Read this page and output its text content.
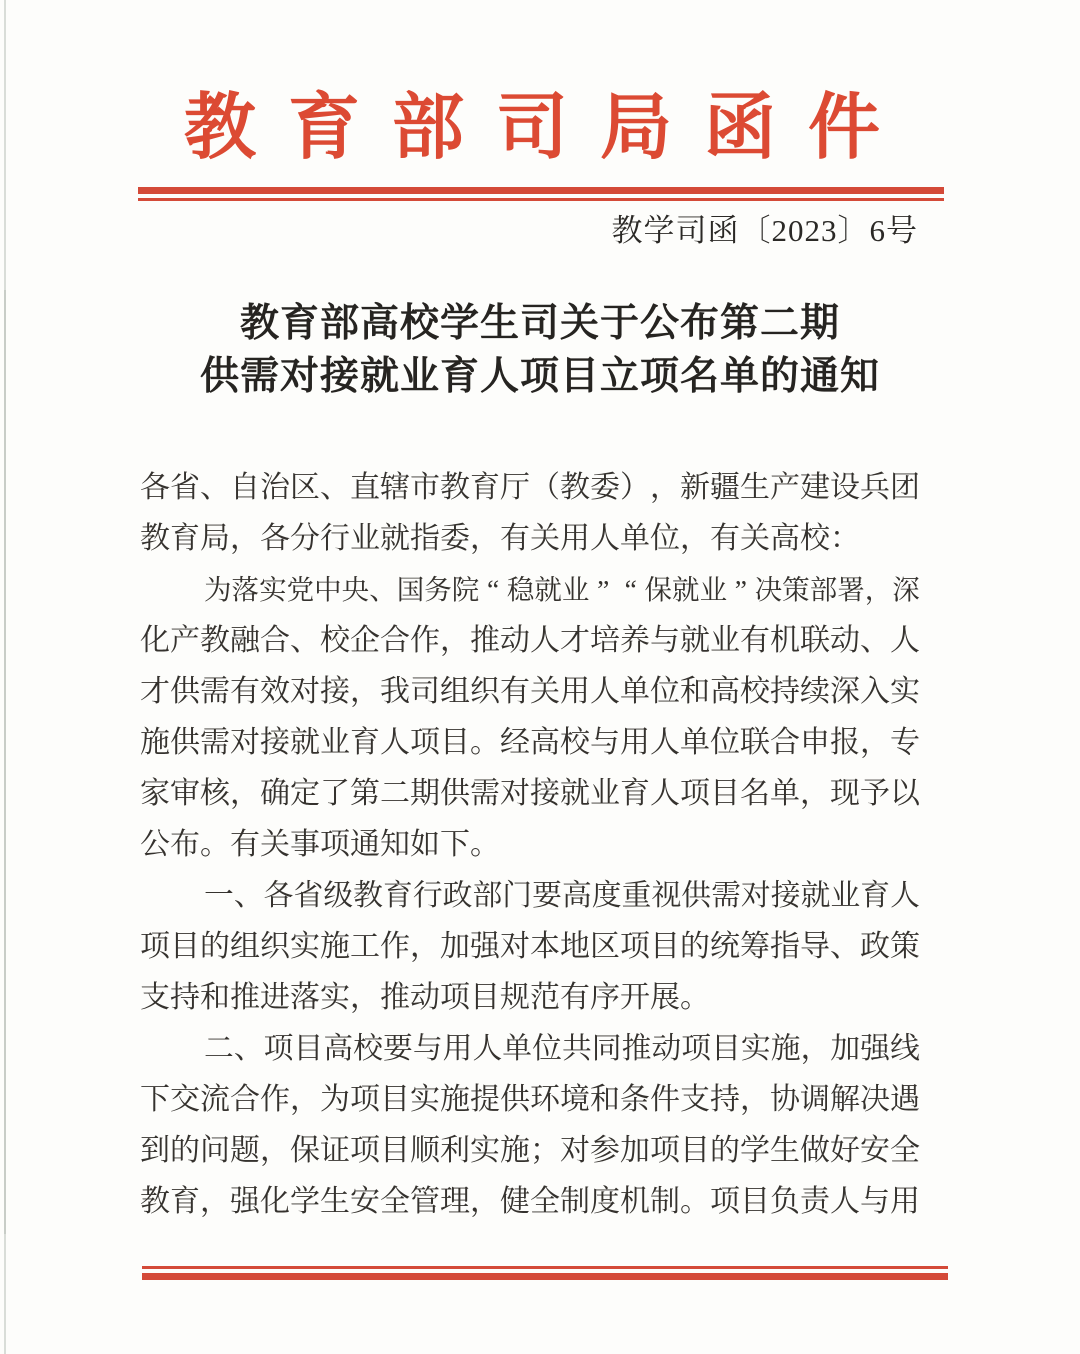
教育部司局函件
教学司函〔2023〕6号
教育部高校学生司关于公布第二期
供需对接就业育人项目立项名单的通知
各 省 、 自 治 区 、 直 辖 市 教 育 厅 （ 教 委 ） ， 新 疆 生 产 建 设 兵 团
教育局，各分行业就指委，有关用人单位，有关高校：
为 落 实 党 中 央 、 国 务 院 “ 稳 就 业 ” “ 保 就 业 ” 决 策 部 署 ， 深
化 产 教 融 合 、 校 企 合 作 ， 推 动 人 才 培 养 与 就 业 有 机 联 动 、 人
才 供 需 有 效 对 接 ， 我 司 组 织 有 关 用 人 单 位 和 高 校 持 续 深 入 实
施 供 需 对 接 就 业 育 人 项 目 。 经 高 校 与 用 人 单 位 联 合 申 报 ， 专
家 审 核 ， 确 定 了 第 二 期 供 需 对 接 就 业 育 人 项 目 名 单 ， 现 予 以
公布。有关事项通知如下。
一 、 各 省 级 教 育 行 政 部 门 要 高 度 重 视 供 需 对 接 就 业 育 人
项 目 的 组 织 实 施 工 作 ， 加 强 对 本 地 区 项 目 的 统 筹 指 导 、 政 策
支持和推进落实，推动项目规范有序开展。
二 、 项 目 高 校 要 与 用 人 单 位 共 同 推 动 项 目 实 施 ， 加 强 线
下 交 流 合 作 ， 为 项 目 实 施 提 供 环 境 和 条 件 支 持 ， 协 调 解 决 遇
到 的 问 题 ， 保 证 项 目 顺 利 实 施 ； 对 参 加 项 目 的 学 生 做 好 安 全
教 育 ， 强 化 学 生 安 全 管 理 ， 健 全 制 度 机 制 。 项 目 负 责 人 与 用
